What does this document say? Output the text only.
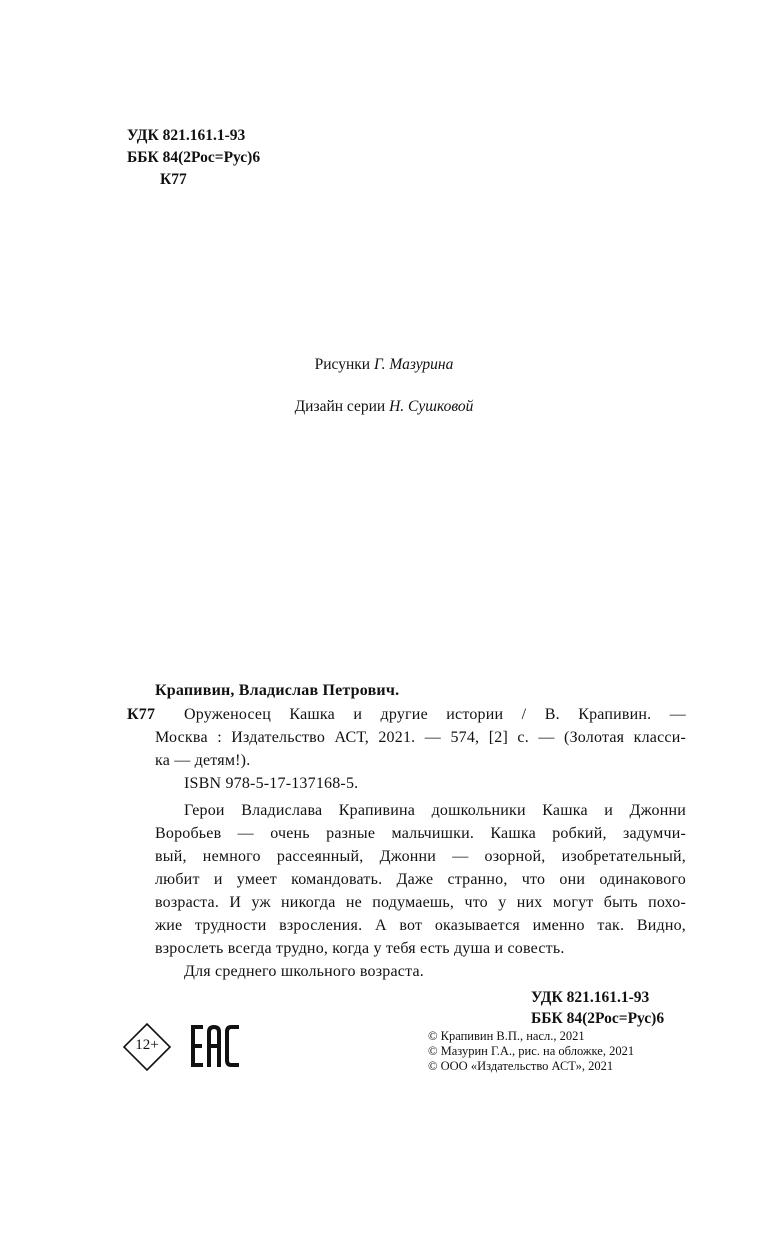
УДК 821.161.1-93
ББК 84(2Рос=Рус)6
К77
Рисунки Г. Мазурина
Дизайн серии Н. Сушковой
Крапивин, Владислав Петрович.
К77 Оруженосец Кашка и другие истории / В. Крапивин. —
Москва : Издательство АСТ, 2021. — 574, [2] с. — (Золотая класси-
ка — детям!).
ISBN 978-5-17-137168-5.
Герои Владислава Крапивина дошкольники Кашка и Джонни
Воробьев — очень разные мальчишки. Кашка робкий, задумчи-
вый, немного рассеянный, Джонни — озорной, изобретательный,
любит и умеет командовать. Даже странно, что они одинакового
возраста. И уж никогда не подумаешь, что у них могут быть похо-
жие трудности взросления. А вот оказывается именно так. Видно,
взрослеть всегда трудно, когда у тебя есть душа и совесть.
Для среднего школьного возраста.
УДК 821.161.1-93
ББК 84(2Рос=Рус)6
12+
© Крапивин В.П., насл., 2021
© Мазурин Г.А., рис. на обложке, 2021
© ООО «Издательство АСТ», 2021
